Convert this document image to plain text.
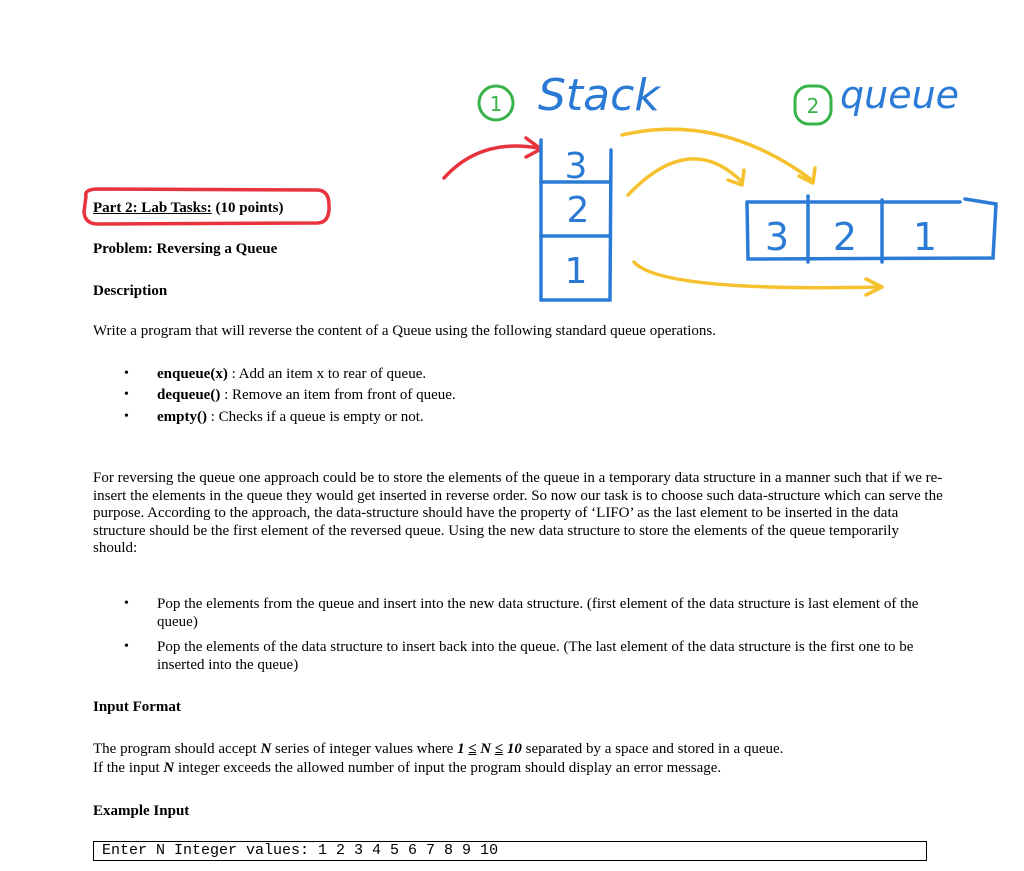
1	2
Stack	queue
3
2
1
3 2 1

Part 2: Lab Tasks: (10 points)

Problem: Reversing a Queue

Description

Write a program that will reverse the content of a Queue using the following standard queue operations.

• enqueue(x) : Add an item x to rear of queue.

• dequeue() : Remove an item from front of queue.

• empty() : Checks if a queue is empty or not.

For reversing the queue one approach could be to store the elements of the queue in a temporary data structure in a manner such that if we re-insert the elements in the queue they would get inserted in reverse order. So now our task is to choose such data-structure which can serve the purpose. According to the approach, the data-structure should have the property of ‘LIFO’ as the last element to be inserted in the data structure should be the first element of the reversed queue. Using the new data structure to store the elements of the queue temporarily should:

• Pop the elements from the queue and insert into the new data structure. (first element of the data structure is last element of the queue)

• Pop the elements of the data structure to insert back into the queue. (The last element of the data structure is the first one to be inserted into the queue)

Input Format

The program should accept N series of integer values where 1 ≤ N ≤ 10 separated by a space and stored in a queue.

If the input N integer exceeds the allowed number of input the program should display an error message.

Example Input

Enter N Integer values: 1 2 3 4 5 6 7 8 9 10
